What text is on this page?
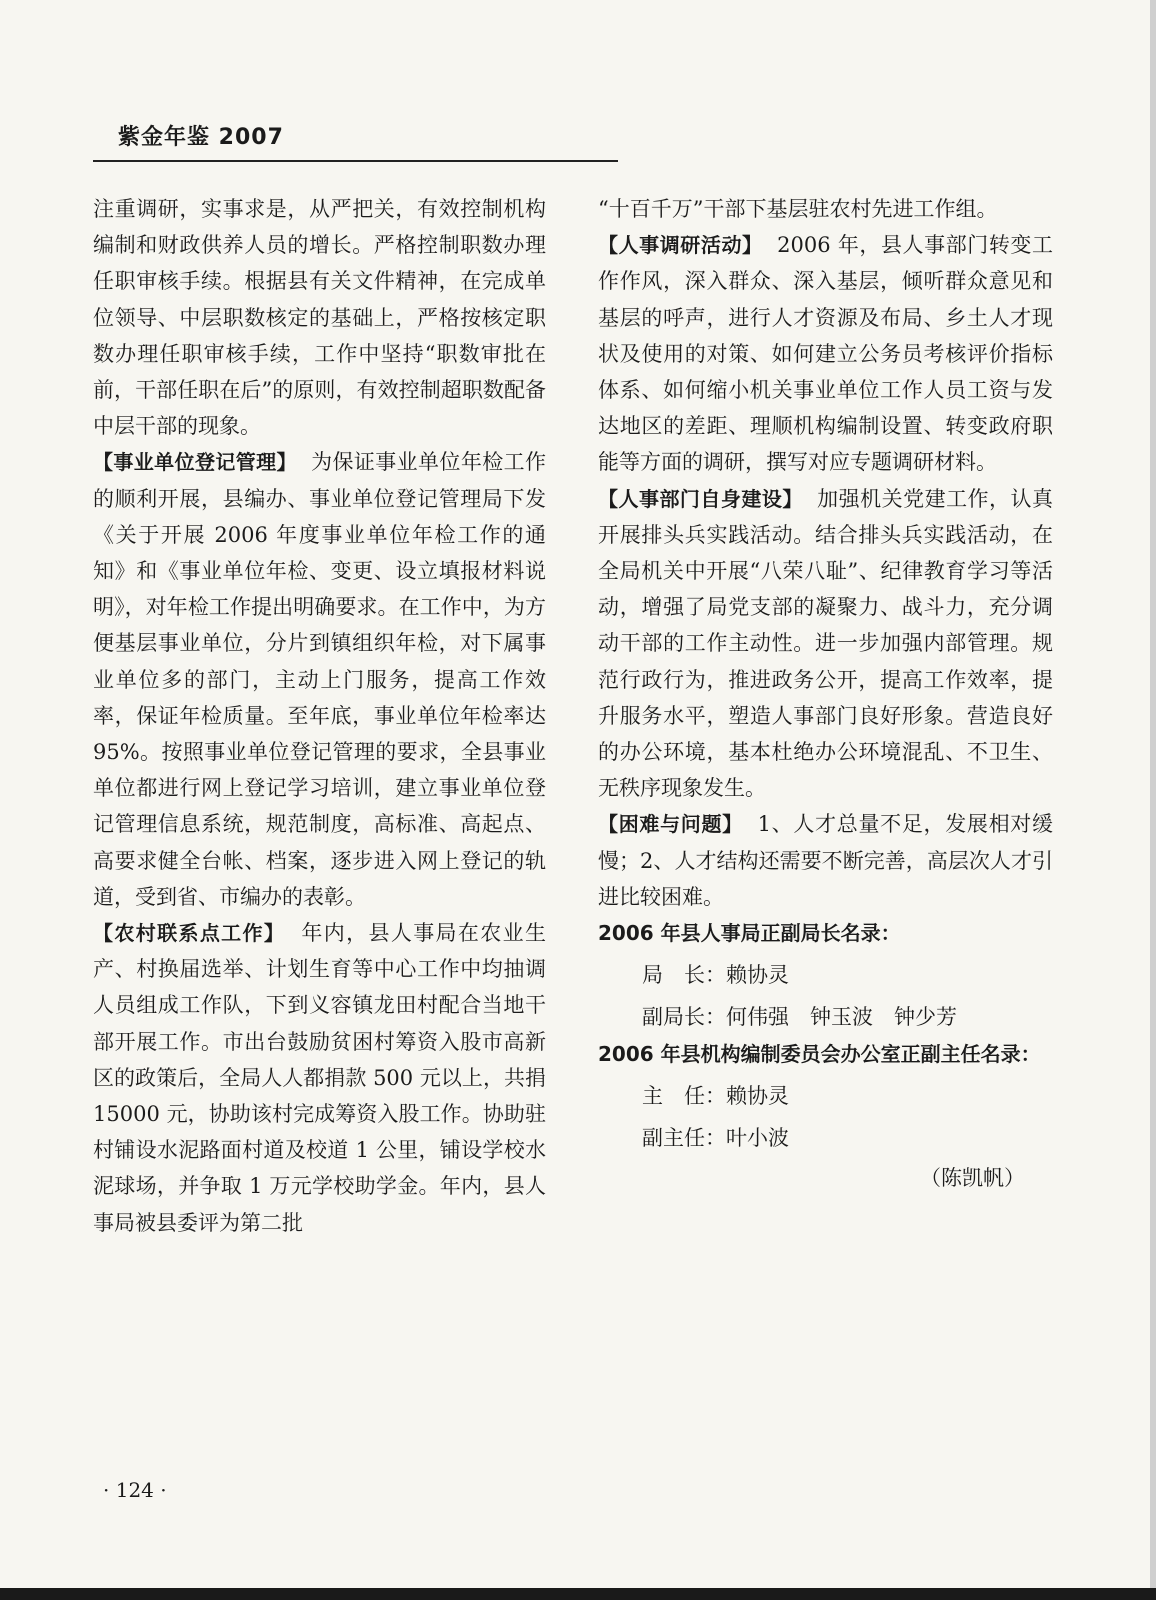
紫金年鉴 2007

注重调研，实事求是，从严把关，有效控制机构编制和财政供养人员的增长。严格控制职数办理任职审核手续。根据县有关文件精神，在完成单位领导、中层职数核定的基础上，严格按核定职数办理任职审核手续，工作中坚持“职数审批在前，干部任职在后”的原则，有效控制超职数配备中层干部的现象。

【事业单位登记管理】 为保证事业单位年检工作的顺利开展，县编办、事业单位登记管理局下发《关于开展 2006 年度事业单位年检工作的通知》和《事业单位年检、变更、设立填报材料说明》，对年检工作提出明确要求。在工作中，为方便基层事业单位，分片到镇组织年检，对下属事业单位多的部门，主动上门服务，提高工作效率，保证年检质量。至年底，事业单位年检率达 95%。按照事业单位登记管理的要求，全县事业单位都进行网上登记学习培训，建立事业单位登记管理信息系统，规范制度，高标准、高起点、高要求健全台帐、档案，逐步进入网上登记的轨道，受到省、市编办的表彰。

【农村联系点工作】 年内，县人事局在农业生产、村换届选举、计划生育等中心工作中均抽调人员组成工作队，下到义容镇龙田村配合当地干部开展工作。市出台鼓励贫困村筹资入股市高新区的政策后，全局人人都捐款 500 元以上，共捐 15000 元，协助该村完成筹资入股工作。协助驻村铺设水泥路面村道及校道 1 公里，铺设学校水泥球场，并争取 1 万元学校助学金。年内，县人事局被县委评为第二批

“十百千万”干部下基层驻农村先进工作组。

【人事调研活动】 2006 年，县人事部门转变工作作风，深入群众、深入基层，倾听群众意见和基层的呼声，进行人才资源及布局、乡土人才现状及使用的对策、如何建立公务员考核评价指标体系、如何缩小机关事业单位工作人员工资与发达地区的差距、理顺机构编制设置、转变政府职能等方面的调研，撰写对应专题调研材料。

【人事部门自身建设】 加强机关党建工作，认真开展排头兵实践活动。结合排头兵实践活动，在全局机关中开展“八荣八耻”、纪律教育学习等活动，增强了局党支部的凝聚力、战斗力，充分调动干部的工作主动性。进一步加强内部管理。规范行政行为，推进政务公开，提高工作效率，提升服务水平，塑造人事部门良好形象。营造良好的办公环境，基本杜绝办公环境混乱、不卫生、无秩序现象发生。

【困难与问题】 1、人才总量不足，发展相对缓慢；2、人才结构还需要不断完善，高层次人才引进比较困难。

2006 年县人事局正副局长名录：

局　长：赖协灵

副局长：何伟强　钟玉波　钟少芳

2006 年县机构编制委员会办公室正副主任名录：

主　任：赖协灵

副主任：叶小波

（陈凯帆）

· 124 ·
